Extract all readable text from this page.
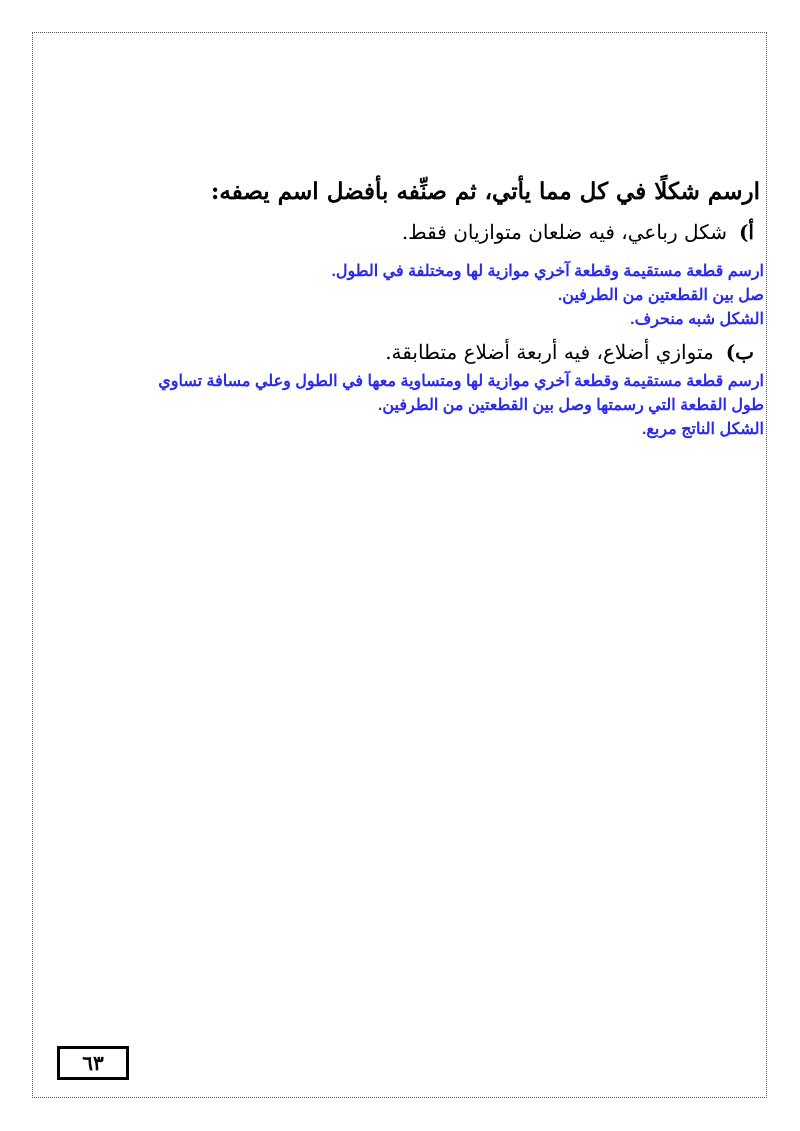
ارسم شكلًا في كل مما يأتي، ثم صنِّفه بأفضل اسم يصفه:

أ)شكل رباعي، فيه ضلعان متوازيان فقط.

ارسم قطعة مستقيمة وقطعة آخري موازية لها ومختلفة في الطول.

صل بين القطعتين من الطرفين.

الشكل شبه منحرف.

ب)متوازي أضلاع، فيه أربعة أضلاع متطابقة.

ارسم قطعة مستقيمة وقطعة آخري موازية لها ومتساوية معها في الطول وعلي مسافة تساوي

طول القطعة التي رسمتها وصل بين القطعتين من الطرفين.

الشكل الناتج مربع.

٦٣
